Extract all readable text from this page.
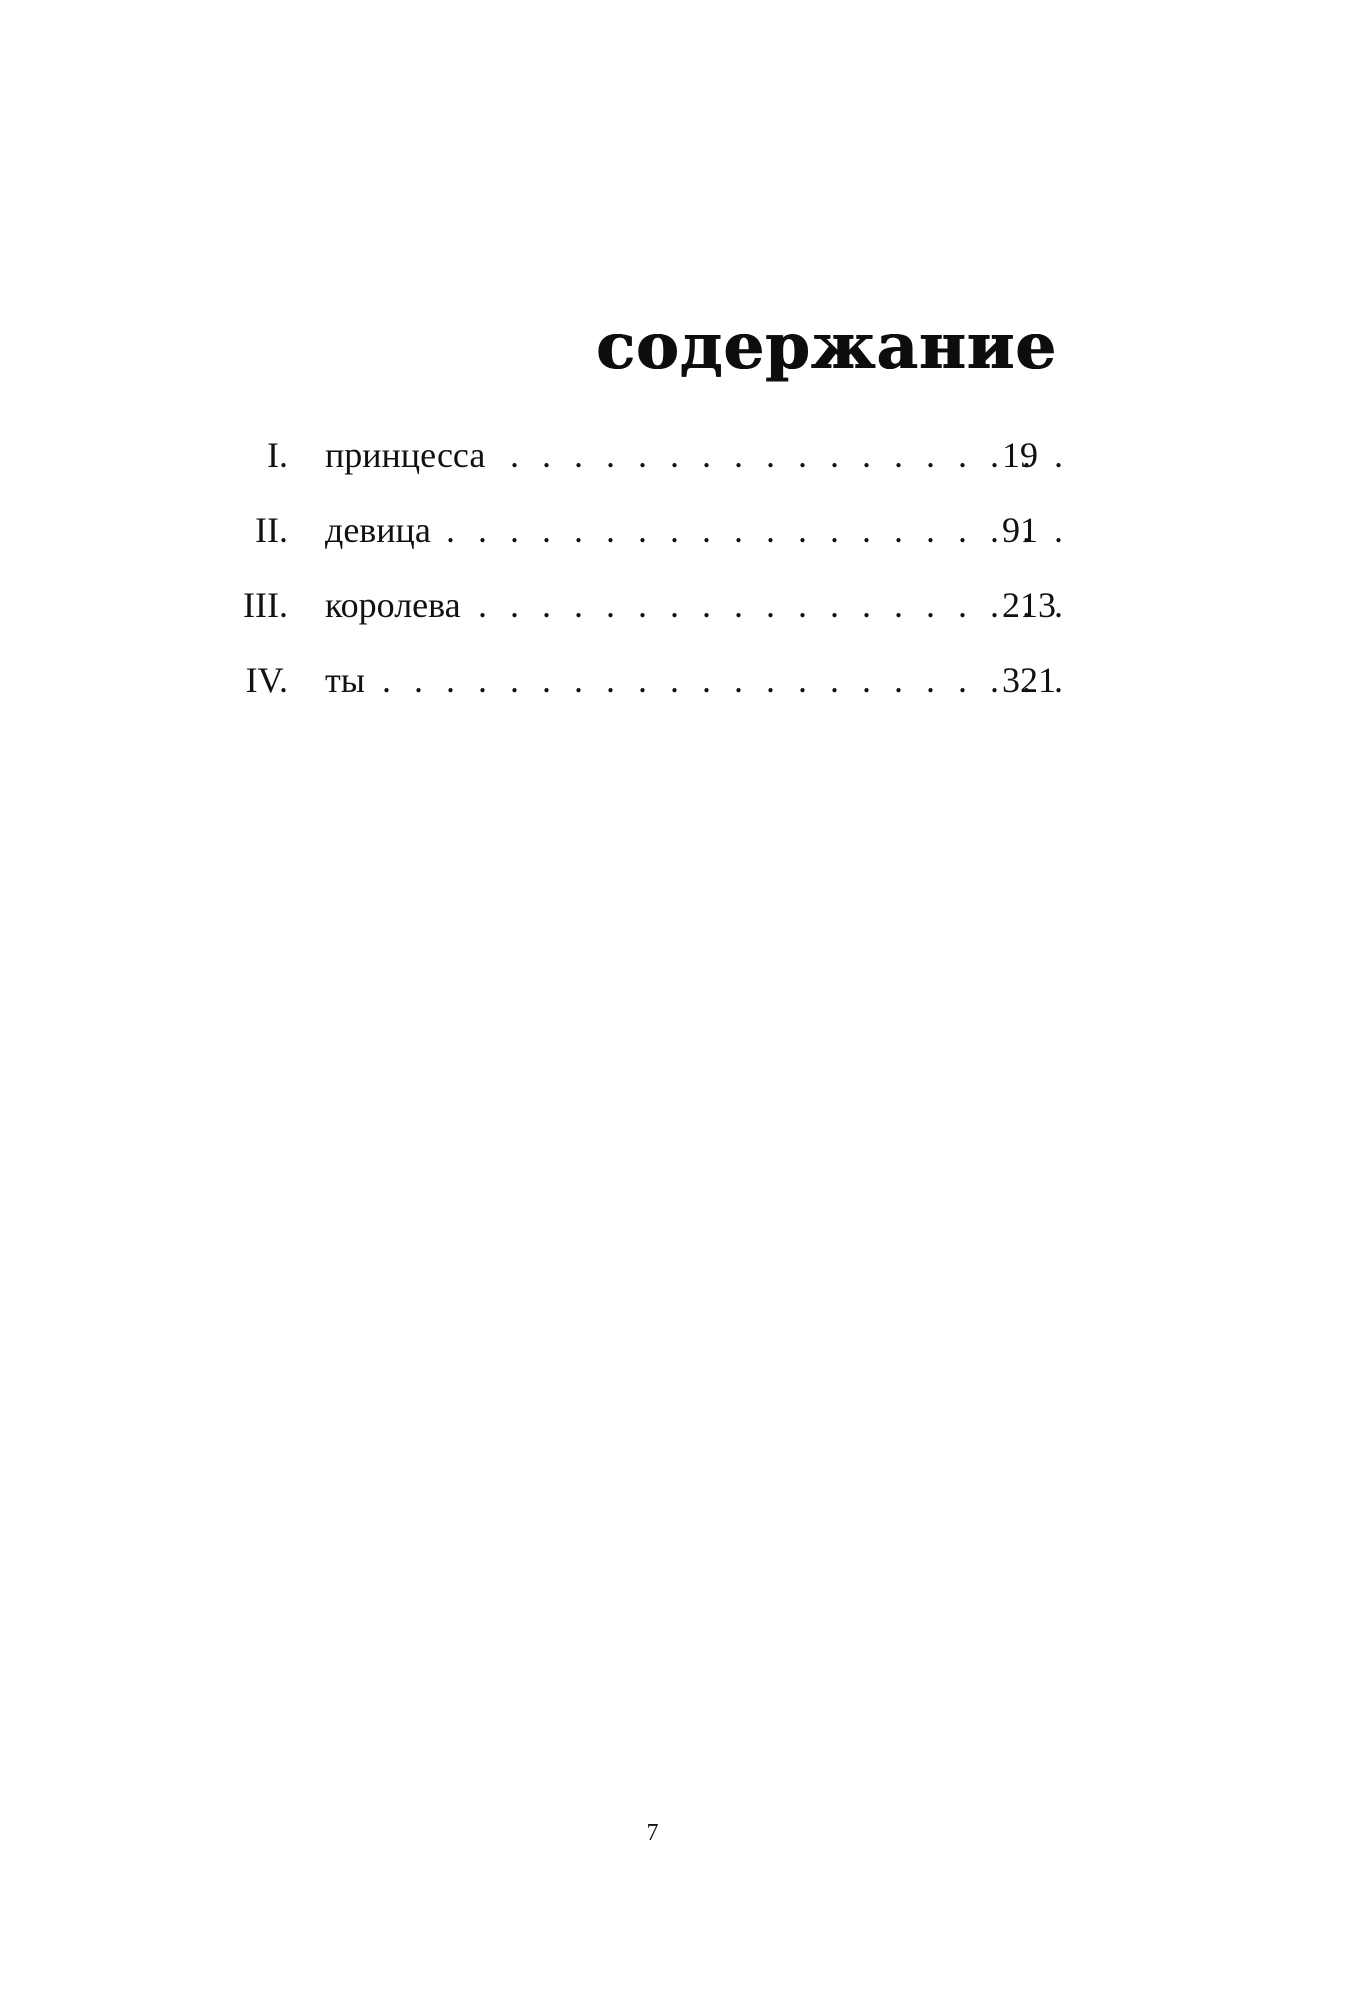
содержание
I. принцесса . . .	19
II. девица . . .	91
III. королева . . .	213
IV. ты . . .	321
7
